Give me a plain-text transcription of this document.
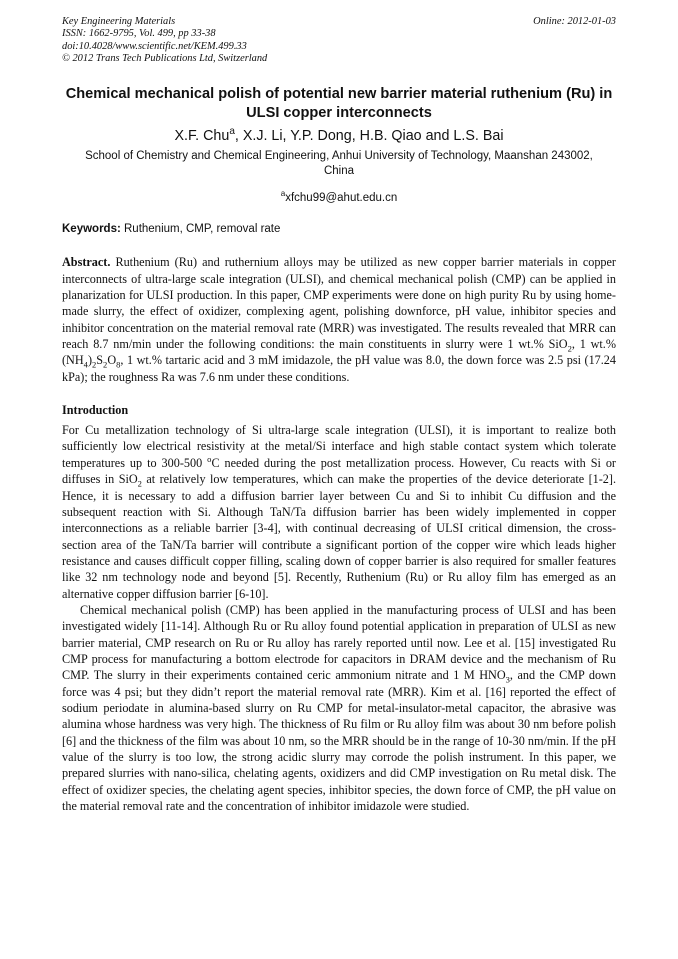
Key Engineering Materials
ISSN: 1662-9795, Vol. 499, pp 33-38
doi:10.4028/www.scientific.net/KEM.499.33
© 2012 Trans Tech Publications Ltd, Switzerland
Online: 2012-01-03
Chemical mechanical polish of potential new barrier material ruthenium (Ru) in ULSI copper interconnects
X.F. Chu$^a$, X.J. Li, Y.P. Dong, H.B. Qiao and L.S. Bai
School of Chemistry and Chemical Engineering, Anhui University of Technology, Maanshan 243002, China
$^a$xfchu99@ahut.edu.cn
Keywords: Ruthenium, CMP, removal rate

Abstract. Ruthenium (Ru) and ruthernium alloys may be utilized as new copper barrier materials in copper interconnects of ultra-large scale integration (ULSI), and chemical mechanical polish (CMP) can be applied in planarization for ULSI production. In this paper, CMP experiments were done on high purity Ru by using home-made slurry, the effect of oxidizer, complexing agent, polishing downforce, pH value, inhibitor species and inhibitor concentration on the material removal rate (MRR) was investigated. The results revealed that MRR can reach 8.7 nm/min under the following conditions: the main constituents in slurry were 1 wt.% SiO$_2$, 1 wt.% $(NH_4)_2S_2O_8$, 1 wt.% tartaric acid and 3 mM imidazole, the pH value was 8.0, the down force was 2.5 psi (17.24 kPa); the roughness Ra was 7.6 nm under these conditions.

Introduction

For Cu metallization technology of Si ultra-large scale integration (ULSI), it is important to realize both sufficiently low electrical resistivity at the metal/Si interface and high stable contact system which tolerate temperatures up to 300-500 $^o$C needed during the post metallization process. However, Cu reacts with Si or diffuses in SiO$_2$ at relatively low temperatures, which can make the properties of the device deteriorate [1-2]. Hence, it is necessary to add a diffusion barrier layer between Cu and Si to inhibit Cu diffusion and the subsequent reaction with Si. Although TaN/Ta diffusion barrier has been widely implemented in copper interconnections as a reliable barrier [3-4], with continual decreasing of ULSI critical dimension, the cross-section area of the TaN/Ta barrier will contribute a significant portion of the copper wire which leads higher resistance and causes difficult copper filling, scaling down of copper barrier is also required for smaller features like 32 nm technology node and beyond [5]. Recently, Ruthenium (Ru) or Ru alloy film has emerged as an alternative copper diffusion barrier [6-10].

Chemical mechanical polish (CMP) has been applied in the manufacturing process of ULSI and has been investigated widely [11-14]. Although Ru or Ru alloy found potential application in preparation of ULSI as new barrier material, CMP research on Ru or Ru alloy has rarely reported until now. Lee et al. [15] investigated Ru CMP process for manufacturing a bottom electrode for capacitors in DRAM device and the mechanism of Ru CMP. The slurry in their experiments contained ceric ammonium nitrate and 1 M $HNO_3$, and the CMP down force was 4 psi; but they didn’t report the material removal rate (MRR). Kim et al. [16] reported the effect of sodium periodate in alumina-based slurry on Ru CMP for metal-insulator-metal capacitor, the abrasive was alumina whose hardness was very high. The thickness of Ru film or Ru alloy film was about 30 nm before polish [6] and the thickness of the film was about 10 nm, so the MRR should be in the range of 10-30 nm/min. If the pH value of the slurry is too low, the strong acidic slurry may corrode the polish instrument. In this paper, we prepared slurries with nano-silica, chelating agents, oxidizers and did CMP investigation on Ru metal disk. The effect of oxidizer species, the chelating agent species, inhibitor species, the down force of CMP, the pH value on the material removal rate and the concentration of inhibitor imidazole were studied.
